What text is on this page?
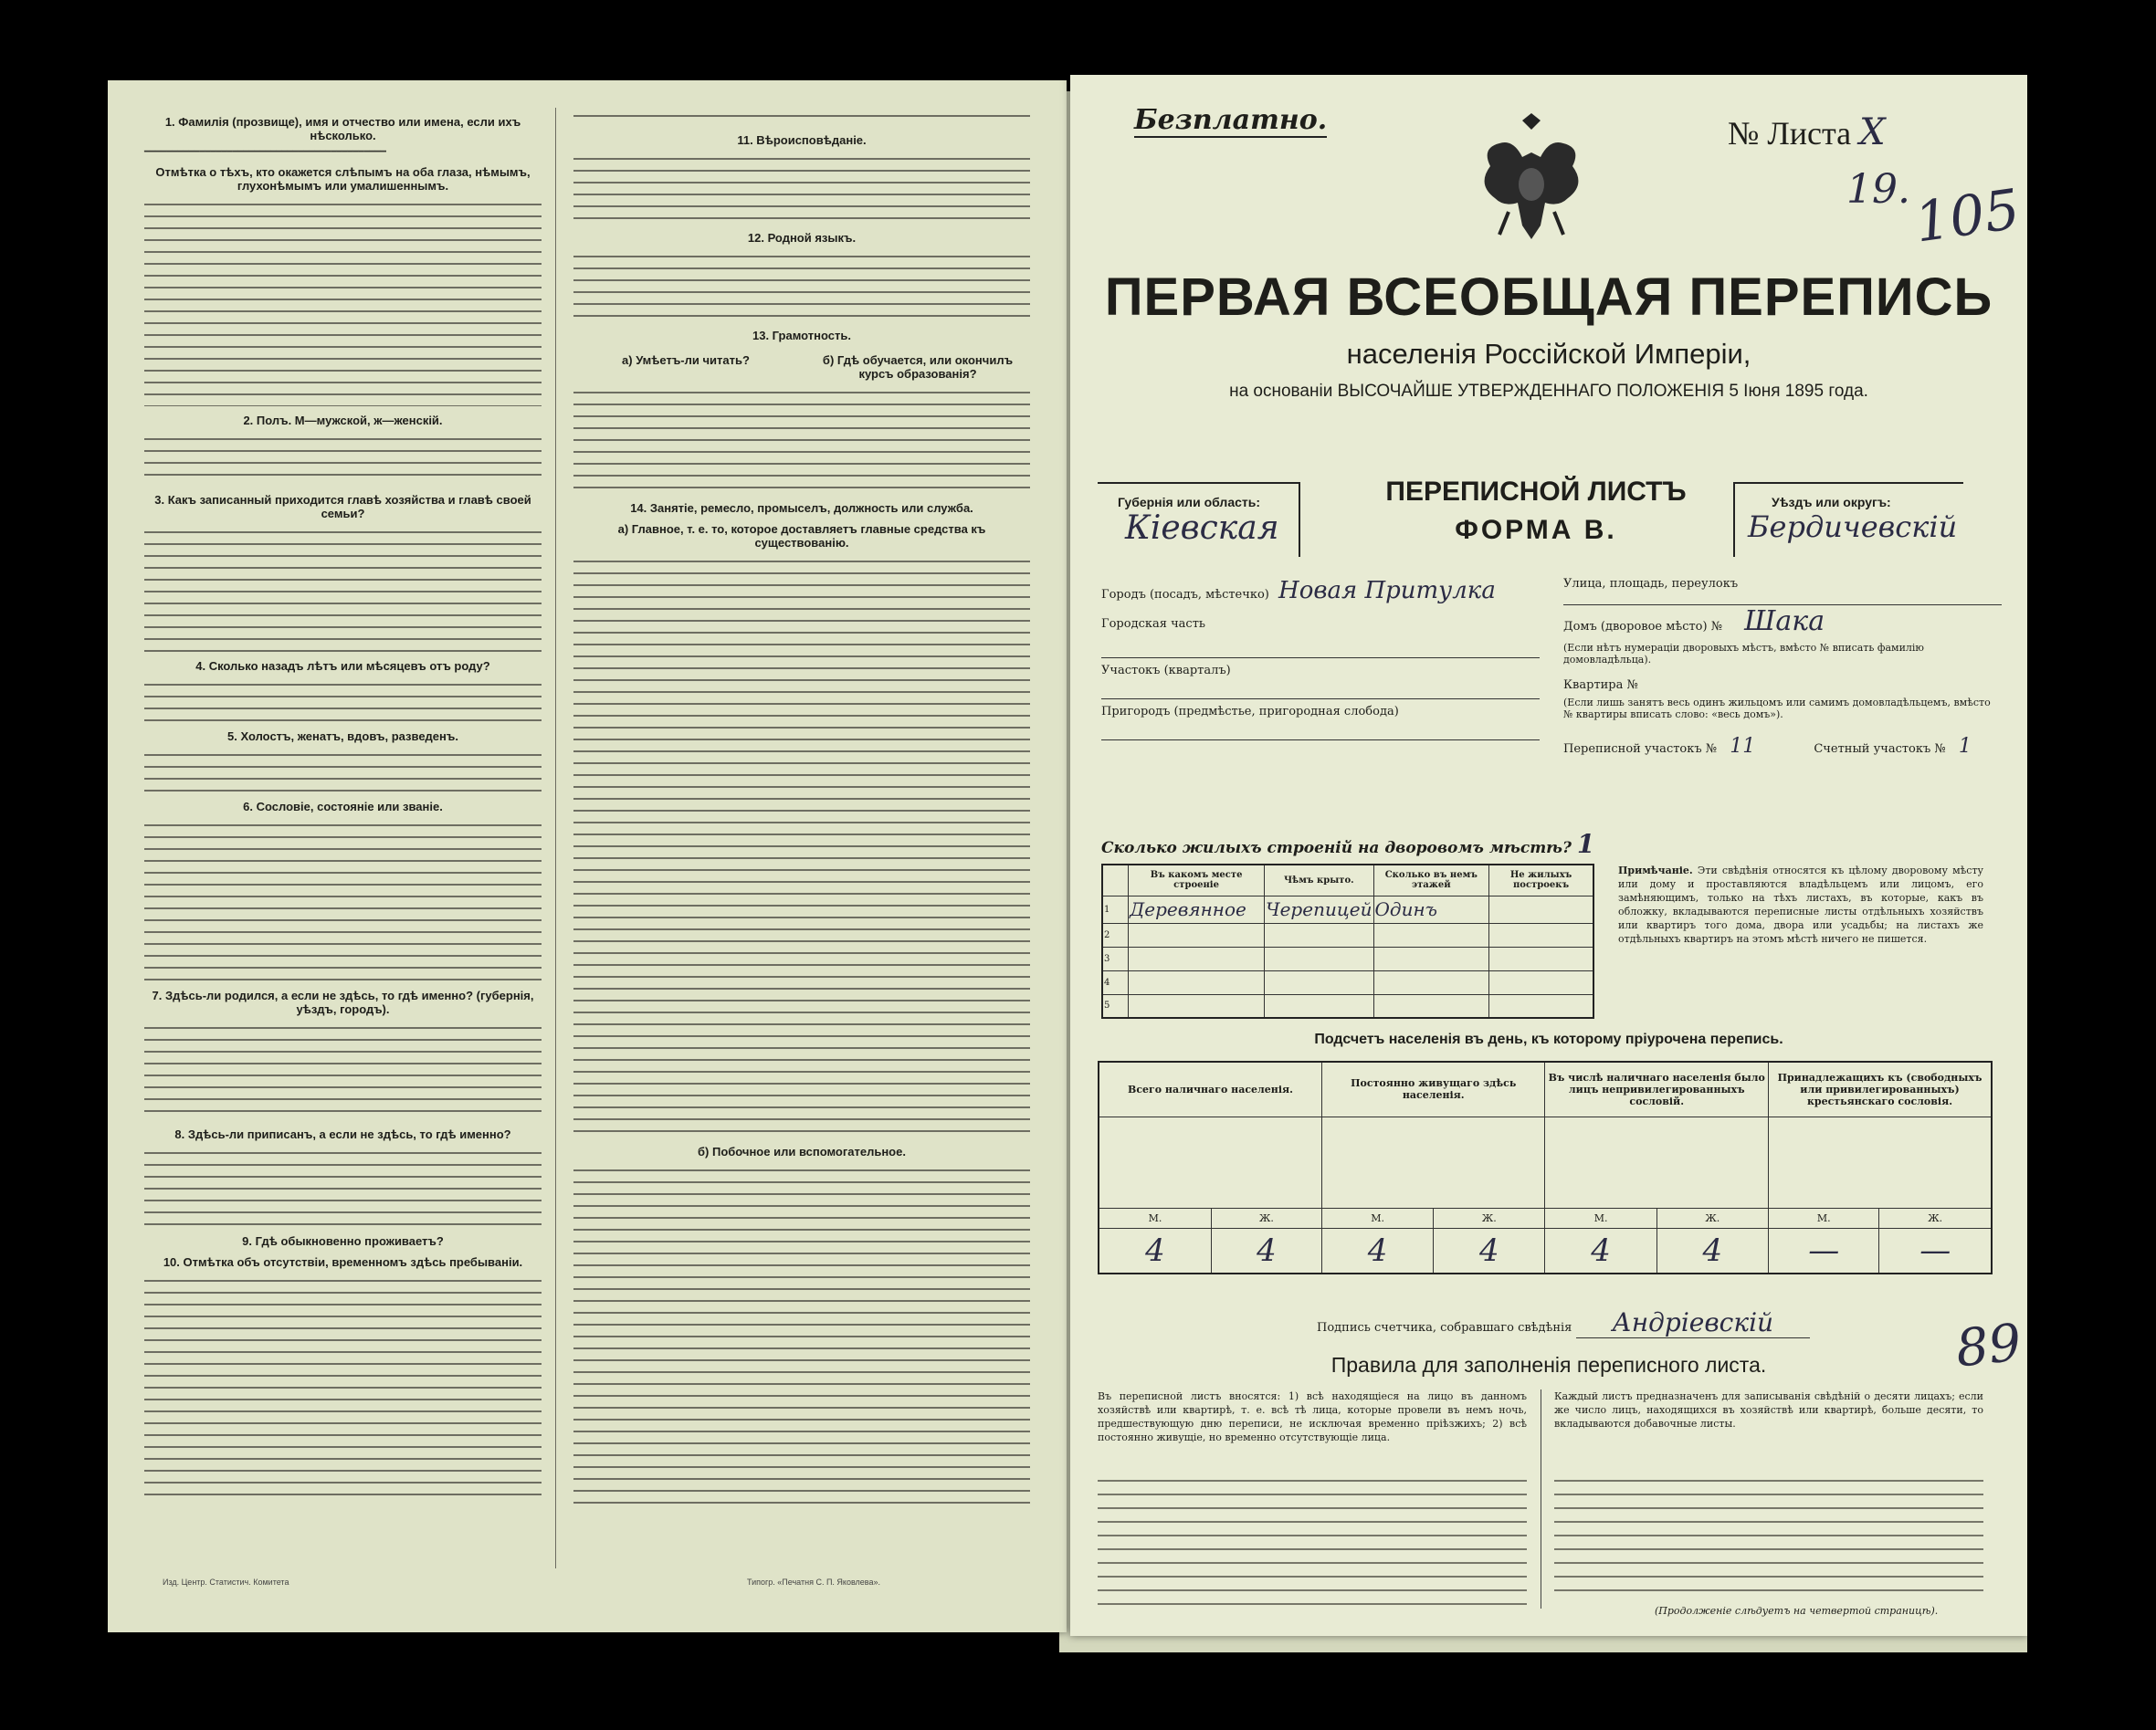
1. Фамилія (прозвище), имя и отчество или имена, если ихъ нѣсколько.
━━━━━━━━━━━━━━━━━━━━━━━━━━━━━━━━━━━━━━━━━━━━
Отмѣтка о тѣхъ, кто окажется слѣпымъ на оба глаза, нѣмымъ, глухонѣмымъ или умалишеннымъ.
2. Полъ. М—мужской, ж—женскій.
3. Какъ записанный приходится главѣ хозяйства и главѣ своей семьи?
4. Сколько назадъ лѣтъ или мѣсяцевъ отъ роду?
5. Холостъ, женатъ, вдовъ, разведенъ.
6. Сословіе, состояніе или званіе.
7. Здѣсь-ли родился, а если не здѣсь, то гдѣ именно? (губернія, уѣздъ, городъ).
8. Здѣсь-ли приписанъ, а если не здѣсь, то гдѣ именно?
9. Гдѣ обыкновенно проживаетъ?
10. Отмѣтка объ отсутствіи, временномъ здѣсь пребываніи.
11. Вѣроисповѣданіе.
12. Родной языкъ.
13. Грамотность.
а) Умѣетъ-ли читать?	б) Гдѣ обучается, или окончилъ курсъ образованія?
14. Занятіе, ремесло, промыселъ, должность или служба.
а) Главное, т. е. то, которое доставляетъ главные средства къ существованію.
б) Побочное или вспомогательное.
Изд. Центр. Статистич. Комитета	Типогр. «Печатня С. П. Яковлева».
Безплатно.	№ Листа X
19. 105
ПЕРВАЯ ВСЕОБЩАЯ ПЕРЕПИСЬ
населенія Россійской Имперіи,
на основаніи ВЫСОЧАЙШЕ УТВЕРЖДЕННАГО ПОЛОЖЕНІЯ 5 Іюня 1895 года.
Губернія или область:
Кіевская
ПЕРЕПИСНОЙ ЛИСТЪ
ФОРМА В.
Уѣздъ или округъ:
Бердичевскій
Городъ (посадъ, мѣстечко) Новая Притулка
Городская часть
Участокъ (кварталъ)
Пригородъ (предмѣстье, пригородная слобода)
Улица, площадь, переулокъ
Домъ (дворовое мѣсто) № Шака
(Если нѣтъ нумераціи дворовыхъ мѣстъ, вмѣсто № вписать фамилію домовладѣльца).
Квартира №
(Если лишь занятъ весь одинъ жильцомъ или самимъ домовладѣльцемъ, вмѣсто № квартиры вписать слово: «весь домъ»).
Переписной участокъ № 11	Счетный участокъ № 1
Сколько жилыхъ строеній на дворовомъ мѣстѣ? 1
	Въ какомъ месте строеніе	Чѣмъ крыто.	Сколько въ немъ этажей	Не жилыхъ построекъ
1	Деревянное	Черепицей	Одинъ	
2				
3				
4				
5				
Примѣчаніе. Эти свѣдѣнія относятся къ цѣлому дворовому мѣсту или дому и проставляются владѣльцемъ или лицомъ, его замѣняющимъ, только на тѣхъ листахъ, въ которые, какъ въ обложку, вкладываются переписные листы отдѣльныхъ хозяйствъ или квартиръ того дома, двора или усадьбы; на листахъ же отдѣльныхъ квартиръ на этомъ мѣстѣ ничего не пишется.
Подсчетъ населенія въ день, къ которому пріурочена перепись.
Всего наличнаго населенія.		Постоянно живущаго здѣсь населенія.		Въ числѣ наличнаго населенія было лицъ непривилегированныхъ сословій.		Принадлежащихъ къ (свободныхъ или привилегированныхъ) крестьянскаго сословія.	

М.	Ж.	М.	Ж.	М.	Ж.	М.	Ж.
4	4	4	4	4	4	—	—
Подпись счетчика, собравшаго свѣдѣнія Андріевскій	89
Правила для заполненія переписного листа.
Въ переписной листъ вносятся: 1) всѣ находящіеся на лицо въ данномъ хозяйствѣ или квартирѣ, т. е. всѣ тѣ лица, которые провели въ немъ ночь, предшествующую дню переписи, не исключая временно пріѣзжихъ; 2) всѣ постоянно живущіе, но временно отсутствующіе лица.
Каждый листъ предназначенъ для записыванія свѣдѣній о десяти лицахъ; если же число лицъ, находящихся въ хозяйствѣ или квартирѣ, больше десяти, то вкладываются добавочные листы.
(Продолженіе слѣдуетъ на четвертой страницѣ).
